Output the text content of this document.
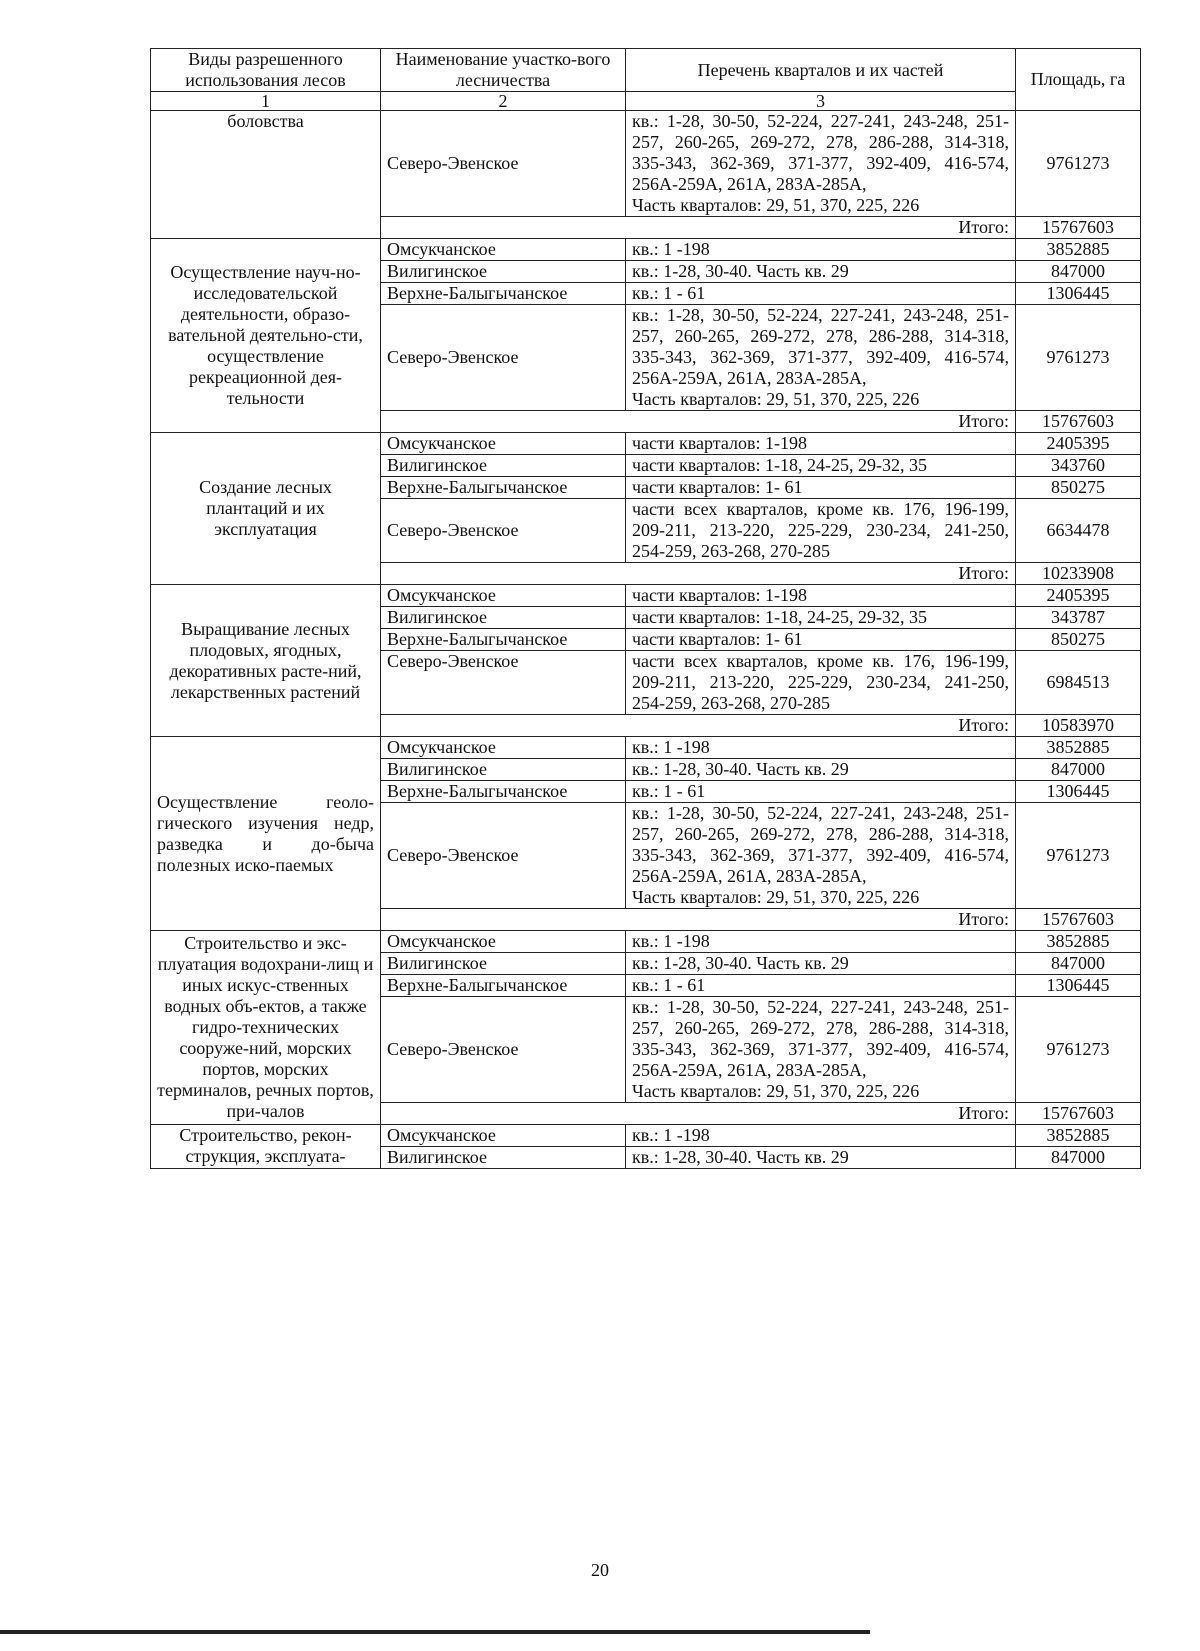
Виды разрешенного использования лесов	Наименование участко-вого лесничества	Перечень кварталов и их частей	Площадь, га
1	2	3	
боловства	Северо-Эвенское	кв.: 1-28, 30-50, 52-224, 227-241, 243-248, 251-257, 260-265, 269-272, 278, 286-288, 314-318, 335-343, 362-369, 371-377, 392-409, 416-574, 256А-259А, 261А, 283А-285А,
Часть кварталов: 29, 51, 370, 225, 226	9761273
	Итого:		15767603
Осуществление науч-но-исследовательской деятельности, образо-вательной деятельно-сти, осуществление рекреационной дея-тельности	Омсукчанское	кв.: 1 -198	3852885
	Вилигинское	кв.: 1-28, 30-40. Часть кв. 29	847000
	Верхне-Балыгычанское	кв.: 1 - 61	1306445
	Северо-Эвенское	кв.: 1-28, 30-50, 52-224, 227-241, 243-248, 251-257, 260-265, 269-272, 278, 286-288, 314-318, 335-343, 362-369, 371-377, 392-409, 416-574, 256А-259А, 261А, 283А-285А,
Часть кварталов: 29, 51, 370, 225, 226	9761273
	Итого:		15767603
Создание лесных плантаций и их эксплуатация	Омсукчанское	части кварталов: 1-198	2405395
	Вилигинское	части кварталов: 1-18, 24-25, 29-32, 35	343760
	Верхне-Балыгычанское	части кварталов: 1- 61	850275
	Северо-Эвенское	части всех кварталов, кроме кв. 176, 196-199, 209-211, 213-220, 225-229, 230-234, 241-250, 254-259, 263-268, 270-285	6634478
	Итого:		10233908
Выращивание лесных плодовых, ягодных, декоративных расте-ний, лекарственных растений	Омсукчанское	части кварталов: 1-198	2405395
	Вилигинское	части кварталов: 1-18, 24-25, 29-32, 35	343787
	Верхне-Балыгычанское	части кварталов: 1- 61	850275
	Северо-Эвенское	части всех кварталов, кроме кв. 176, 196-199, 209-211, 213-220, 225-229, 230-234, 241-250, 254-259, 263-268, 270-285	6984513
	Итого:		10583970
Осуществление геоло-гического изучения недр, разведка и до-быча полезных иско-паемых	Омсукчанское	кв.: 1 -198	3852885
	Вилигинское	кв.: 1-28, 30-40. Часть кв. 29	847000
	Верхне-Балыгычанское	кв.: 1 - 61	1306445
	Северо-Эвенское	кв.: 1-28, 30-50, 52-224, 227-241, 243-248, 251-257, 260-265, 269-272, 278, 286-288, 314-318, 335-343, 362-369, 371-377, 392-409, 416-574, 256А-259А, 261А, 283А-285А,
Часть кварталов: 29, 51, 370, 225, 226	9761273
	Итого:		15767603
Строительство и экс-плуатация водохрани-лищ и иных искус-ственных водных объ-ектов, а также гидро-технических сооруже-ний, морских портов, морских терминалов, речных портов, при-чалов	Омсукчанское	кв.: 1 -198	3852885
	Вилигинское	кв.: 1-28, 30-40. Часть кв. 29	847000
	Верхне-Балыгычанское	кв.: 1 - 61	1306445
	Северо-Эвенское	кв.: 1-28, 30-50, 52-224, 227-241, 243-248, 251-257, 260-265, 269-272, 278, 286-288, 314-318, 335-343, 362-369, 371-377, 392-409, 416-574, 256А-259А, 261А, 283А-285А,
Часть кварталов: 29, 51, 370, 225, 226	9761273
	Итого:		15767603
Строительство, рекон-струкция, эксплуата-	Омсукчанское	кв.: 1 -198	3852885
	Вилигинское	кв.: 1-28, 30-40. Часть кв. 29	847000
20
